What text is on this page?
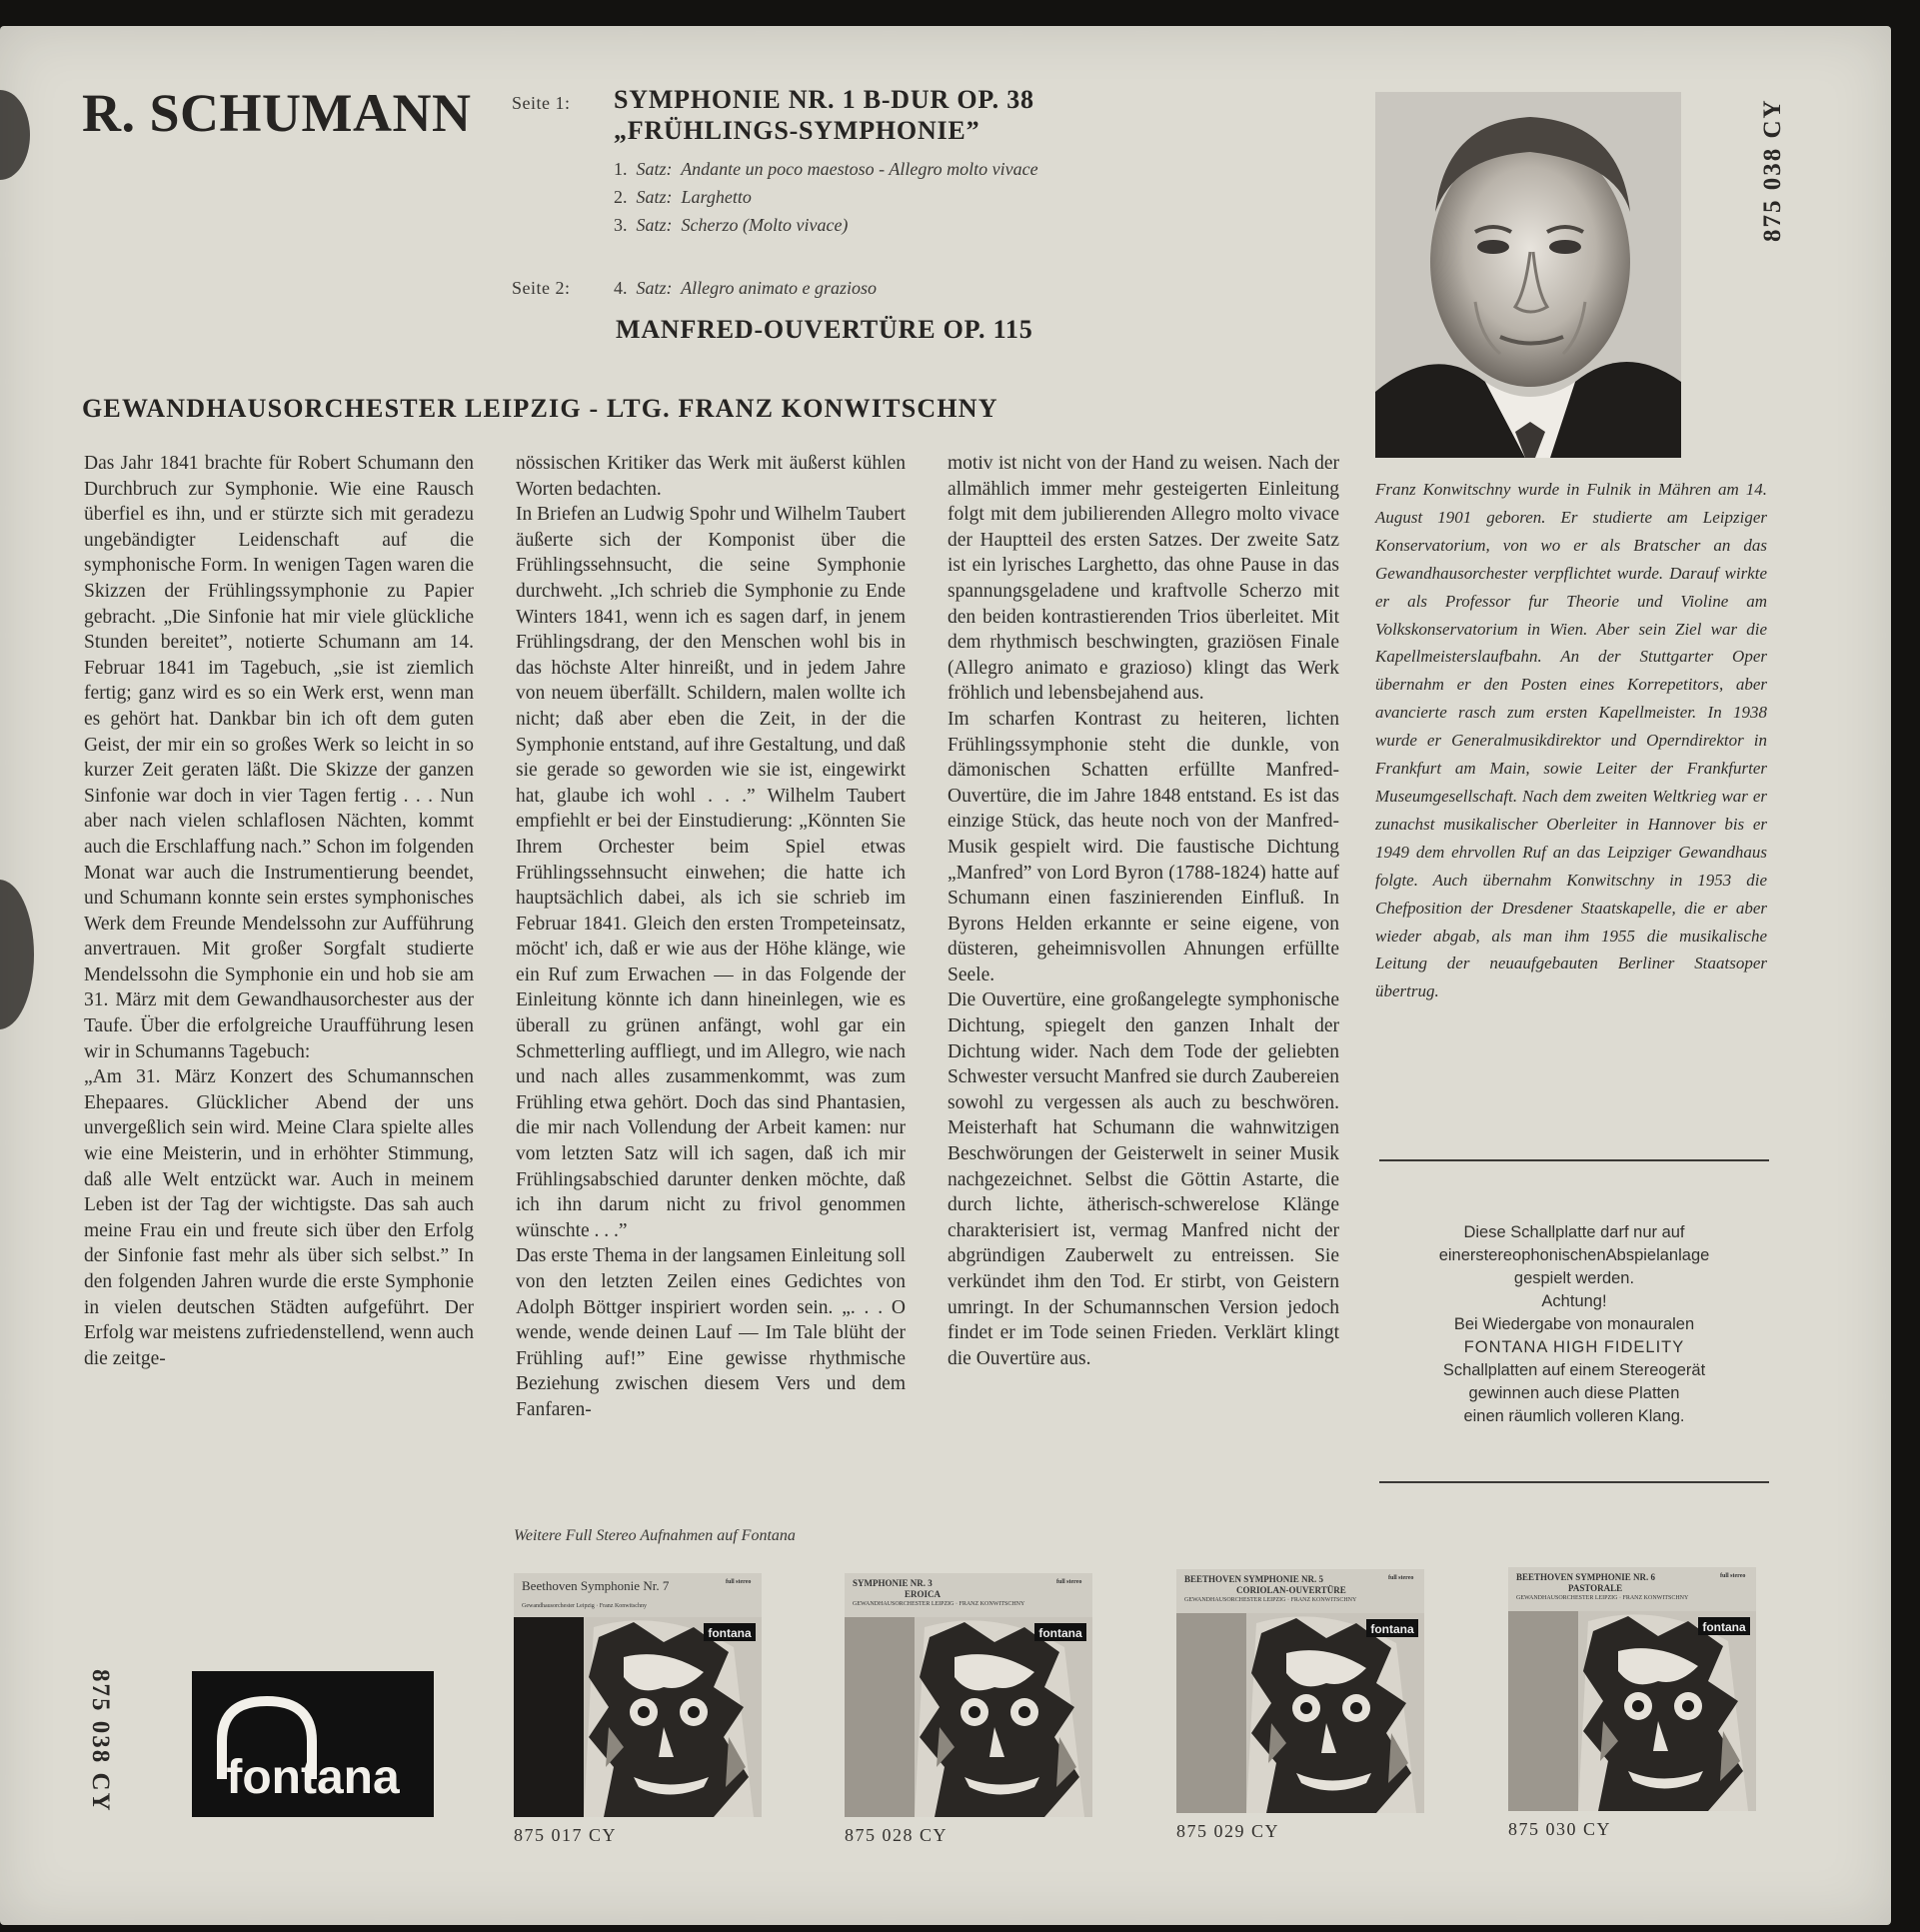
R. SCHUMANN Seite 1: SYMPHONIE NR. 1 B-DUR OP. 38
„FRÜHLINGS-SYMPHONIE”
1. Satz: Andante un poco maestoso - Allegro molto vivace
2. Satz: Larghetto
3. Satz: Scherzo (Molto vivace)
Seite 2: 4. Satz: Allegro animato e grazioso
MANFRED-OUVERTÜRE OP. 115
GEWANDHAUSORCHESTER LEIPZIG - LTG. FRANZ KONWITSCHNY
875 038 CY
Franz Konwitschny wurde in Fulnik in Mähren am 14. August 1901 geboren. Er studierte am Leipziger Konservatorium, von wo er als Bratscher an das Gewandhausorchester verpflichtet wurde. Darauf wirkte er als Professor fur Theorie und Violine am Volkskonservatorium in Wien. Aber sein Ziel war die Kapellmeisterslaufbahn. An der Stuttgarter Oper übernahm er den Posten eines Korrepetitors, aber avancierte rasch zum ersten Kapellmeister. In 1938 wurde er Generalmusikdirektor und Operndirektor in Frankfurt am Main, sowie Leiter der Frankfurter Museumgesellschaft. Nach dem zweiten Weltkrieg war er zunachst musikalischer Oberleiter in Hannover bis er 1949 dem ehrvollen Ruf an das Leipziger Gewandhaus folgte. Auch übernahm Konwitschny in 1953 die Chefposition der Dresdener Staatskapelle, die er aber wieder abgab, als man ihm 1955 die musikalische Leitung der neuaufgebauten Berliner Staatsoper übertrug.

Das Jahr 1841 brachte für Robert Schumann den Durchbruch zur Symphonie. Wie eine Rausch überfiel es ihn, und er stürzte sich mit geradezu ungebändigter Leidenschaft auf die symphonische Form. In wenigen Tagen waren die Skizzen der Frühlingssymphonie zu Papier gebracht. „Die Sinfonie hat mir viele glückliche Stunden bereitet”, notierte Schumann am 14. Februar 1841 im Tagebuch, „sie ist ziemlich fertig; ganz wird es so ein Werk erst, wenn man es gehört hat. Dankbar bin ich oft dem guten Geist, der mir ein so großes Werk so leicht in so kurzer Zeit geraten läßt. Die Skizze der ganzen Sinfonie war doch in vier Tagen fertig . . . Nun aber nach vielen schlaflosen Nächten, kommt auch die Erschlaffung nach.” Schon im folgenden Monat war auch die Instrumentierung beendet, und Schumann konnte sein erstes symphonisches Werk dem Freunde Mendelssohn zur Aufführung anvertrauen. Mit großer Sorgfalt studierte Mendelssohn die Symphonie ein und hob sie am 31. März mit dem Gewandhausorchester aus der Taufe. Über die erfolgreiche Uraufführung lesen wir in Schumanns Tagebuch:

„Am 31. März Konzert des Schumannschen Ehepaares. Glücklicher Abend der uns unvergeßlich sein wird. Meine Clara spielte alles wie eine Meisterin, und in erhöhter Stimmung, daß alle Welt entzückt war. Auch in meinem Leben ist der Tag der wichtigste. Das sah auch meine Frau ein und freute sich über den Erfolg der Sinfonie fast mehr als über sich selbst.” In den folgenden Jahren wurde die erste Symphonie in vielen deutschen Städten aufgeführt. Der Erfolg war meistens zufriedenstellend, wenn auch die zeitge-

nössischen Kritiker das Werk mit äußerst kühlen Worten bedachten.

In Briefen an Ludwig Spohr und Wilhelm Taubert äußerte sich der Komponist über die Frühlingssehnsucht, die seine Symphonie durchweht. „Ich schrieb die Symphonie zu Ende Winters 1841, wenn ich es sagen darf, in jenem Frühlingsdrang, der den Menschen wohl bis in das höchste Alter hinreißt, und in jedem Jahre von neuem überfällt. Schildern, malen wollte ich nicht; daß aber eben die Zeit, in der die Symphonie entstand, auf ihre Gestaltung, und daß sie gerade so geworden wie sie ist, eingewirkt hat, glaube ich wohl . . .” Wilhelm Taubert empfiehlt er bei der Einstudierung: „Könnten Sie Ihrem Orchester beim Spiel etwas Frühlingssehnsucht einwehen; die hatte ich hauptsächlich dabei, als ich sie schrieb im Februar 1841. Gleich den ersten Trompeteinsatz, möcht' ich, daß er wie aus der Höhe klänge, wie ein Ruf zum Erwachen — in das Folgende der Einleitung könnte ich dann hineinlegen, wie es überall zu grünen anfängt, wohl gar ein Schmetterling auffliegt, und im Allegro, wie nach und nach alles zusammenkommt, was zum Frühling etwa gehört. Doch das sind Phantasien, die mir nach Vollendung der Arbeit kamen: nur vom letzten Satz will ich sagen, daß ich mir Frühlingsabschied darunter denken möchte, daß ich ihn darum nicht zu frivol genommen wünschte . . .”

Das erste Thema in der langsamen Einleitung soll von den letzten Zeilen eines Gedichtes von Adolph Böttger inspiriert worden sein. „. . . O wende, wende deinen Lauf — Im Tale blüht der Frühling auf!” Eine gewisse rhythmische Beziehung zwischen diesem Vers und dem Fanfaren-

motiv ist nicht von der Hand zu weisen. Nach der allmählich immer mehr gesteigerten Einleitung folgt mit dem jubilierenden Allegro molto vivace der Hauptteil des ersten Satzes. Der zweite Satz ist ein lyrisches Larghetto, das ohne Pause in das spannungsgeladene und kraftvolle Scherzo mit den beiden kontrastierenden Trios überleitet. Mit dem rhythmisch beschwingten, graziösen Finale (Allegro animato e grazioso) klingt das Werk fröhlich und lebensbejahend aus.

Im scharfen Kontrast zu heiteren, lichten Frühlingssymphonie steht die dunkle, von dämonischen Schatten erfüllte Manfred-Ouvertüre, die im Jahre 1848 entstand. Es ist das einzige Stück, das heute noch von der Manfred-Musik gespielt wird. Die faustische Dichtung „Manfred” von Lord Byron (1788-1824) hatte auf Schumann einen faszinierenden Einfluß. In Byrons Helden erkannte er seine eigene, von düsteren, geheimnisvollen Ahnungen erfüllte Seele.

Die Ouvertüre, eine großangelegte symphonische Dichtung, spiegelt den ganzen Inhalt der Dichtung wider. Nach dem Tode der geliebten Schwester versucht Manfred sie durch Zaubereien sowohl zu vergessen als auch zu beschwören. Meisterhaft hat Schumann die wahnwitzigen Beschwörungen der Geisterwelt in seiner Musik nachgezeichnet. Selbst die Göttin Astarte, die durch lichte, ätherisch-schwerelose Klänge charakterisiert ist, vermag Manfred nicht der abgründigen Zauberwelt zu entreissen. Sie verkündet ihm den Tod. Er stirbt, von Geistern umringt. In der Schumannschen Version jedoch findet er im Tode seinen Frieden. Verklärt klingt die Ouvertüre aus.

Diese Schallplatte darf nur auf

einerstereophonischenAbspielanlage

gespielt werden.

Achtung!

Bei Wiedergabe von monauralen

FONTANA HIGH FIDELITY

Schallplatten auf einem Stereogerät

gewinnen auch diese Platten

einen räumlich volleren Klang.

Weitere Full Stereo Aufnahmen auf Fontana
875 038 CY fontana
Beethoven Symphonie Nr. 7
Gewandhausorchester Leipzig · Franz Konwitschny
full stereo
fontana
875 017 CY
SYMPHONIE NR. 3
EROICA
GEWANDHAUSORCHESTER LEIPZIG · FRANZ KONWITSCHNY
full stereo
fontana
875 028 CY
BEETHOVEN SYMPHONIE NR. 5
CORIOLAN-OUVERTÜRE
GEWANDHAUSORCHESTER LEIPZIG · FRANZ KONWITSCHNY
full stereo
fontana
875 029 CY
BEETHOVEN SYMPHONIE NR. 6
PASTORALE
GEWANDHAUSORCHESTER LEIPZIG · FRANZ KONWITSCHNY
full stereo
fontana
875 030 CY
